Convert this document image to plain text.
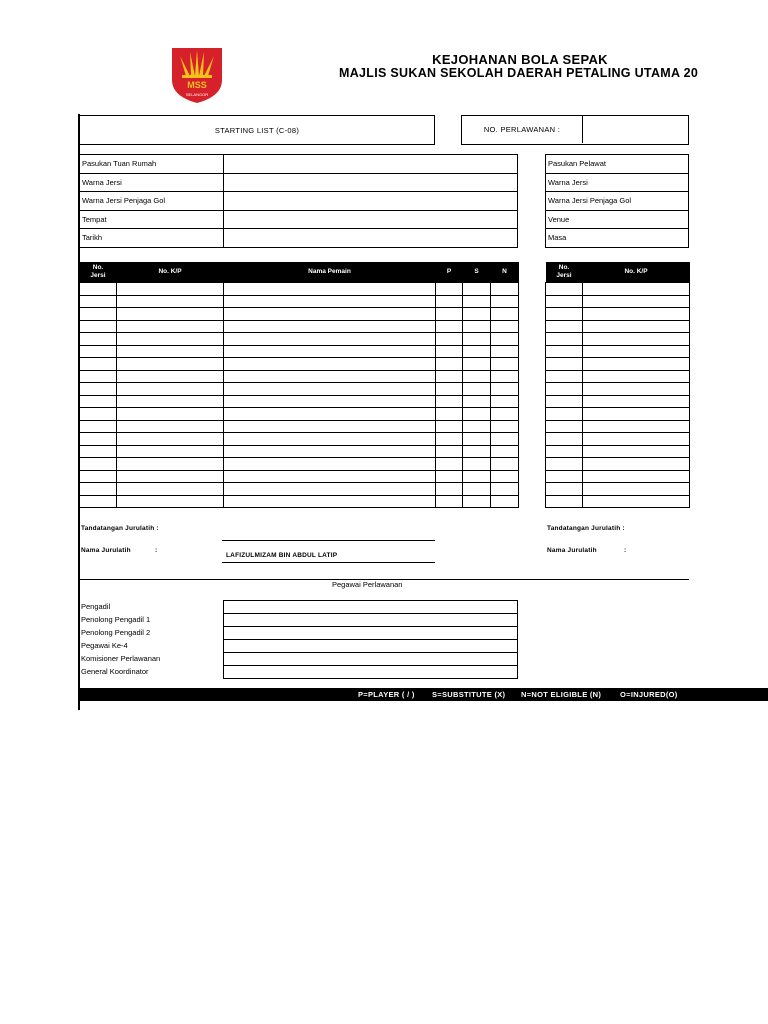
MSS
SELANGOR
KEJOHANAN BOLA SEPAK
MAJLIS SUKAN SEKOLAH DAERAH PETALING UTAMA 20
STARTING LIST (C-08)	NO. PERLAWANAN :
Pasukan Tuan Rumah	
Warna Jersi	
Warna Jersi Penjaga Gol	
Tempat	
Tarikh	
Pasukan Pelawat
Warna Jersi
Warna Jersi Penjaga Gol
Venue
Masa
No.
Jersi	No. K/P	Nama Pemain	P	S	N

No.
Jersi	No. K/P

Tandatangan Jurulatih :
Nama Jurulatih	:
LAFIZULMIZAM BIN ABDUL LATIP
Tandatangan Jurulatih :
Nama Jurulatih	:
Pegawai Perlawanan
Pengadil
Penolong Pengadil 1
Penolong Pengadil 2
Pegawai Ke-4
Komisioner Perlawanan
General Koordinator

P=PLAYER ( / ) S=SUBSTITUTE (X) N=NOT ELIGIBLE (N)	O=INJURED(O)
